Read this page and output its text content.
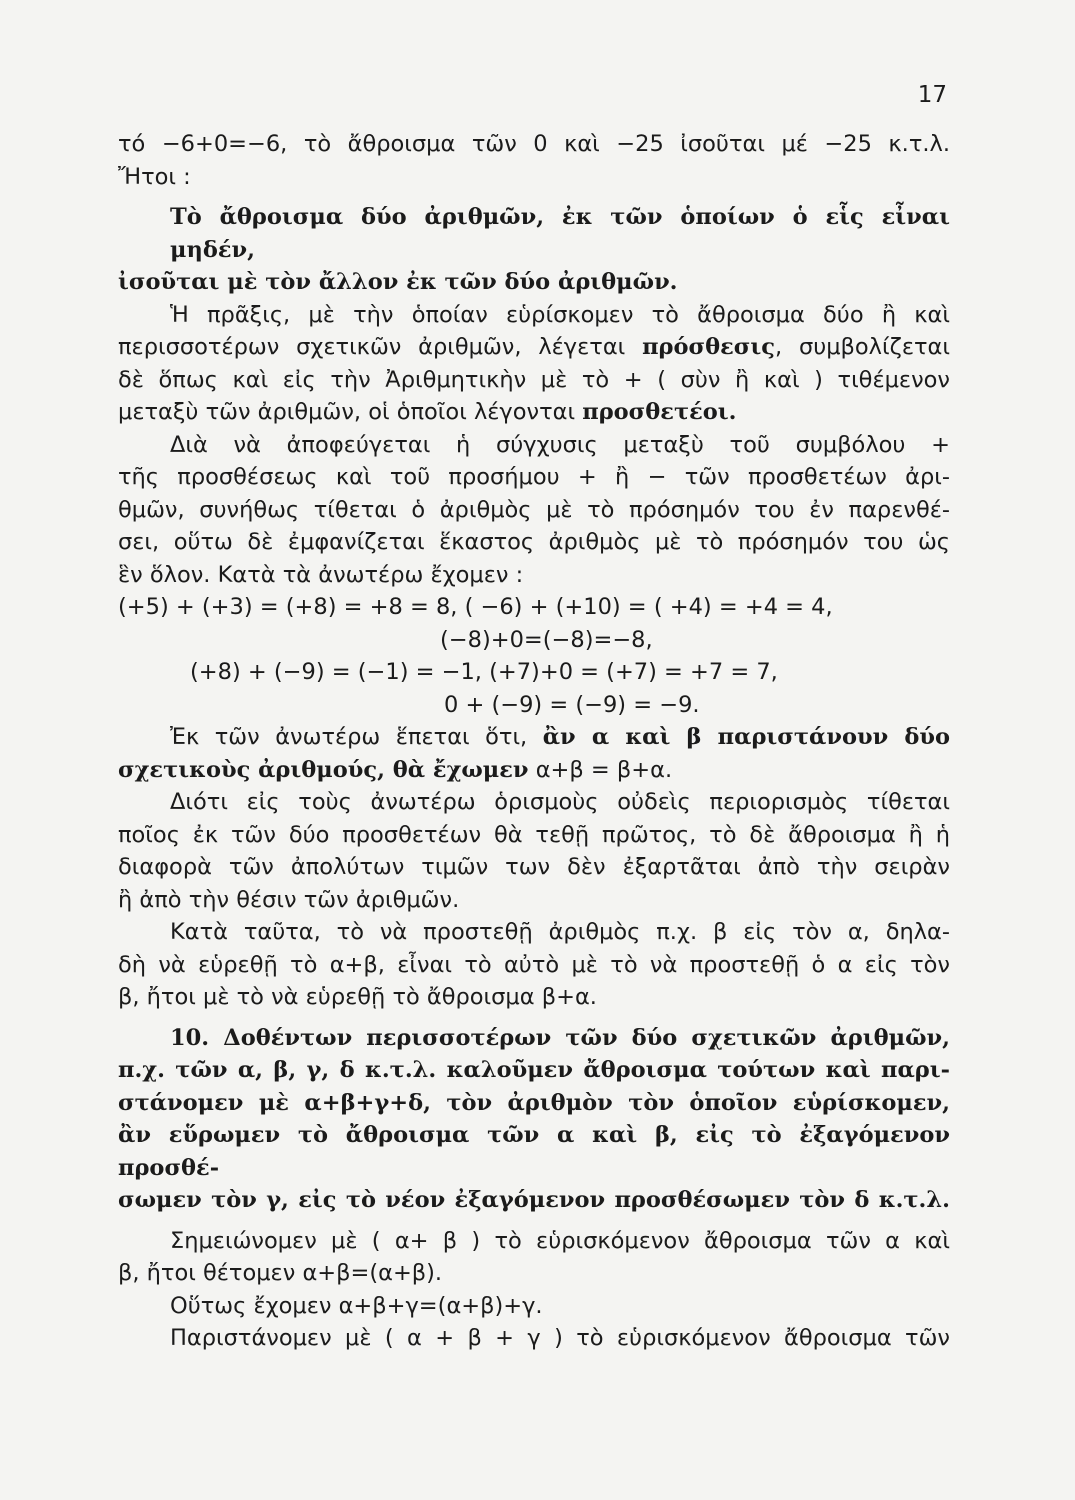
17
τό −6+0=−6, τὸ ἄθροισμα τῶν 0 καὶ −25 ἰσοῦται μέ −25 κ.τ.λ.
Ἤτοι :
Τὸ ἄθροισμα δύο ἀριθμῶν, ἐκ τῶν ὁποίων ὁ εἷς εἶναι μηδέν,
ἰσοῦται μὲ τὸν ἄλλον ἐκ τῶν δύο ἀριθμῶν.
Ἡ πρᾶξις, μὲ τὴν ὁποίαν εὑρίσκομεν τὸ ἄθροισμα δύο ἢ καὶ
περισσοτέρων σχετικῶν ἀριθμῶν, λέγεται πρόσθεσις, συμβολίζεται
δὲ ὅπως καὶ εἰς τὴν Ἀριθμητικὴν μὲ τὸ + ( σὺν ἢ καὶ ) τιθέμενον
μεταξὺ τῶν ἀριθμῶν, οἱ ὁποῖοι λέγονται προσθετέοι.
Διὰ νὰ ἀποφεύγεται ἡ σύγχυσις μεταξὺ τοῦ συμβόλου +
τῆς προσθέσεως καὶ τοῦ προσήμου + ἢ − τῶν προσθετέων ἀρι-
θμῶν, συνήθως τίθεται ὁ ἀριθμὸς μὲ τὸ πρόσημόν του ἐν παρενθέ-
σει, οὕτω δὲ ἐμφανίζεται ἕκαστος ἀριθμὸς μὲ τὸ πρόσημόν του ὡς
ἓν ὅλον. Κατὰ τὰ ἀνωτέρω ἔχομεν :
(+5) + (+3) = (+8) = +8 = 8, ( −6) + (+10) = ( +4) = +4 = 4,
(−8)+0=(−8)=−8,
(+8) + (−9) = (−1) = −1, (+7)+0 = (+7) = +7 = 7,
0 + (−9) = (−9) = −9.
Ἐκ τῶν ἀνωτέρω ἕπεται ὅτι, ἂν α καὶ β παριστάνουν δύο
σχετικοὺς ἀριθμούς, θὰ ἔχωμεν α+β = β+α.
Διότι εἰς τοὺς ἀνωτέρω ὁρισμοὺς οὐδεὶς περιορισμὸς τίθεται
ποῖος ἐκ τῶν δύο προσθετέων θὰ τεθῇ πρῶτος, τὸ δὲ ἄθροισμα ἢ ἡ
διαφορὰ τῶν ἀπολύτων τιμῶν των δὲν ἐξαρτᾶται ἀπὸ τὴν σειρὰν
ἢ ἀπὸ τὴν θέσιν τῶν ἀριθμῶν.
Κατὰ ταῦτα, τὸ νὰ προστεθῇ ἀριθμὸς π.χ. β εἰς τὸν α, δηλα-
δὴ νὰ εὑρεθῇ τὸ α+β, εἶναι τὸ αὐτὸ μὲ τὸ νὰ προστεθῇ ὁ α εἰς τὸν
β, ἤτοι μὲ τὸ νὰ εὑρεθῇ τὸ ἄθροισμα β+α.
10. Δοθέντων περισσοτέρων τῶν δύο σχετικῶν ἀριθμῶν,
π.χ. τῶν α, β, γ, δ κ.τ.λ. καλοῦμεν ἄθροισμα τούτων καὶ παρι-
στάνομεν μὲ α+β+γ+δ, τὸν ἀριθμὸν τὸν ὁποῖον εὑρίσκομεν,
ἂν εὕρωμεν τὸ ἄθροισμα τῶν α καὶ β, εἰς τὸ ἐξαγόμενον προσθέ-
σωμεν τὸν γ, εἰς τὸ νέον ἐξαγόμενον προσθέσωμεν τὸν δ κ.τ.λ.
Σημειώνομεν μὲ ( α+ β ) τὸ εὑρισκόμενον ἄθροισμα τῶν α καὶ
β, ἤτοι θέτομεν α+β=(α+β).
Οὕτως ἔχομεν α+β+γ=(α+β)+γ.
Παριστάνομεν μὲ ( α + β + γ ) τὸ εὑρισκόμενον ἄθροισμα τῶν
